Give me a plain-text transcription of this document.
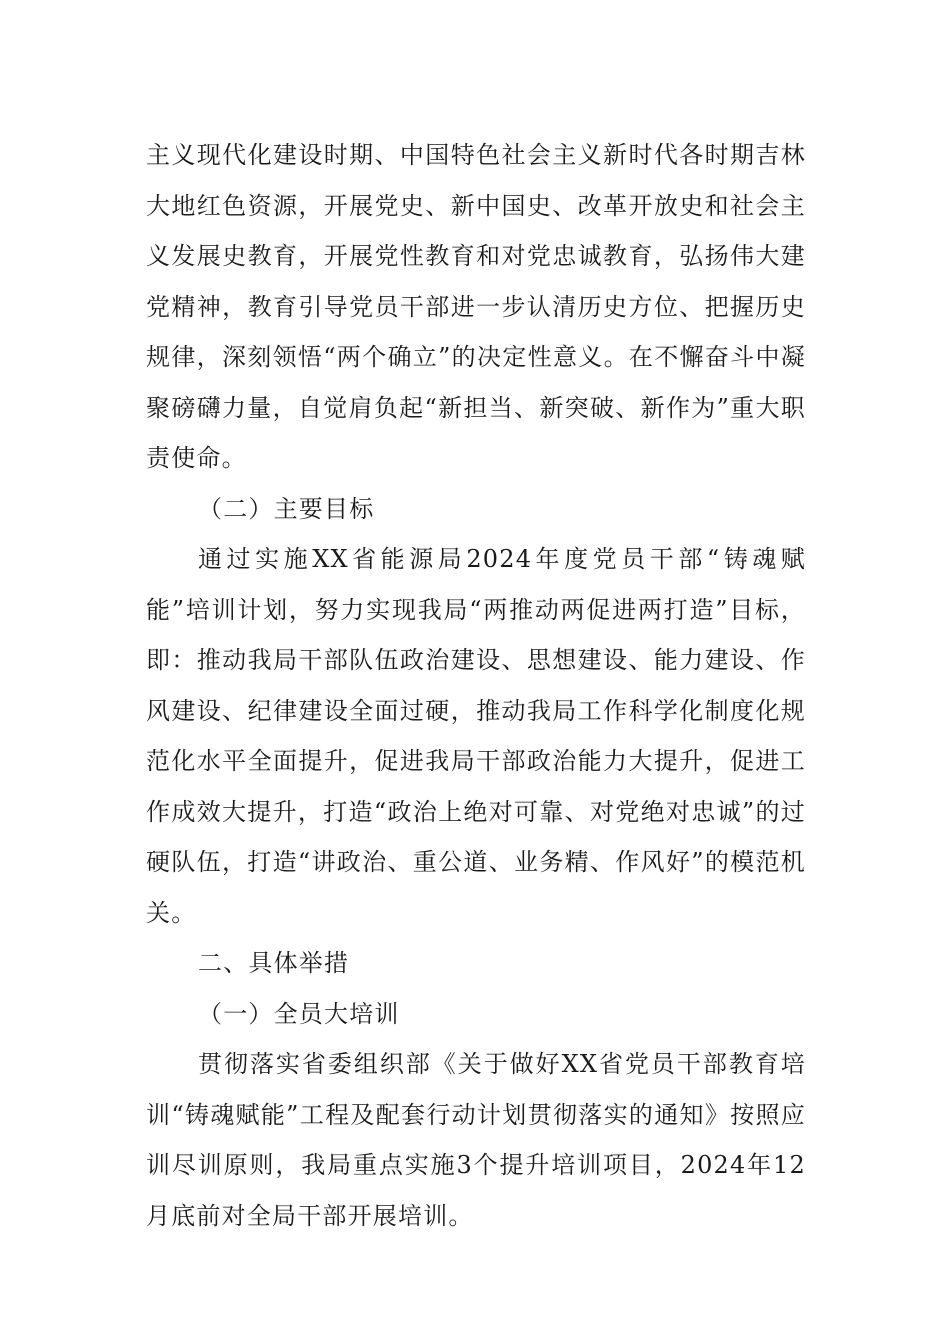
主义现代化建设时期、中国特色社会主义新时代各时期吉林大地红色资源，开展党史、新中国史、改革开放史和社会主义发展史教育，开展党性教育和对党忠诚教育，弘扬伟大建党精神，教育引导党员干部进一步认清历史方位、把握历史规律，深刻领悟“两个确立”的决定性意义。在不懈奋斗中凝聚磅礴力量，自觉肩负起“新担当、新突破、新作为”重大职责使命。

（二）主要目标

通过实施XX省能源局2024年度党员干部“铸魂赋能”培训计划，努力实现我局“两推动两促进两打造”目标，即：推动我局干部队伍政治建设、思想建设、能力建设、作风建设、纪律建设全面过硬，推动我局工作科学化制度化规范化水平全面提升，促进我局干部政治能力大提升，促进工作成效大提升，打造“政治上绝对可靠、对党绝对忠诚”的过硬队伍，打造“讲政治、重公道、业务精、作风好”的模范机关。

二、具体举措

（一）全员大培训

贯彻落实省委组织部《关于做好XX省党员干部教育培训“铸魂赋能”工程及配套行动计划贯彻落实的通知》按照应训尽训原则，我局重点实施3个提升培训项目，2024年12月底前对全局干部开展培训。
